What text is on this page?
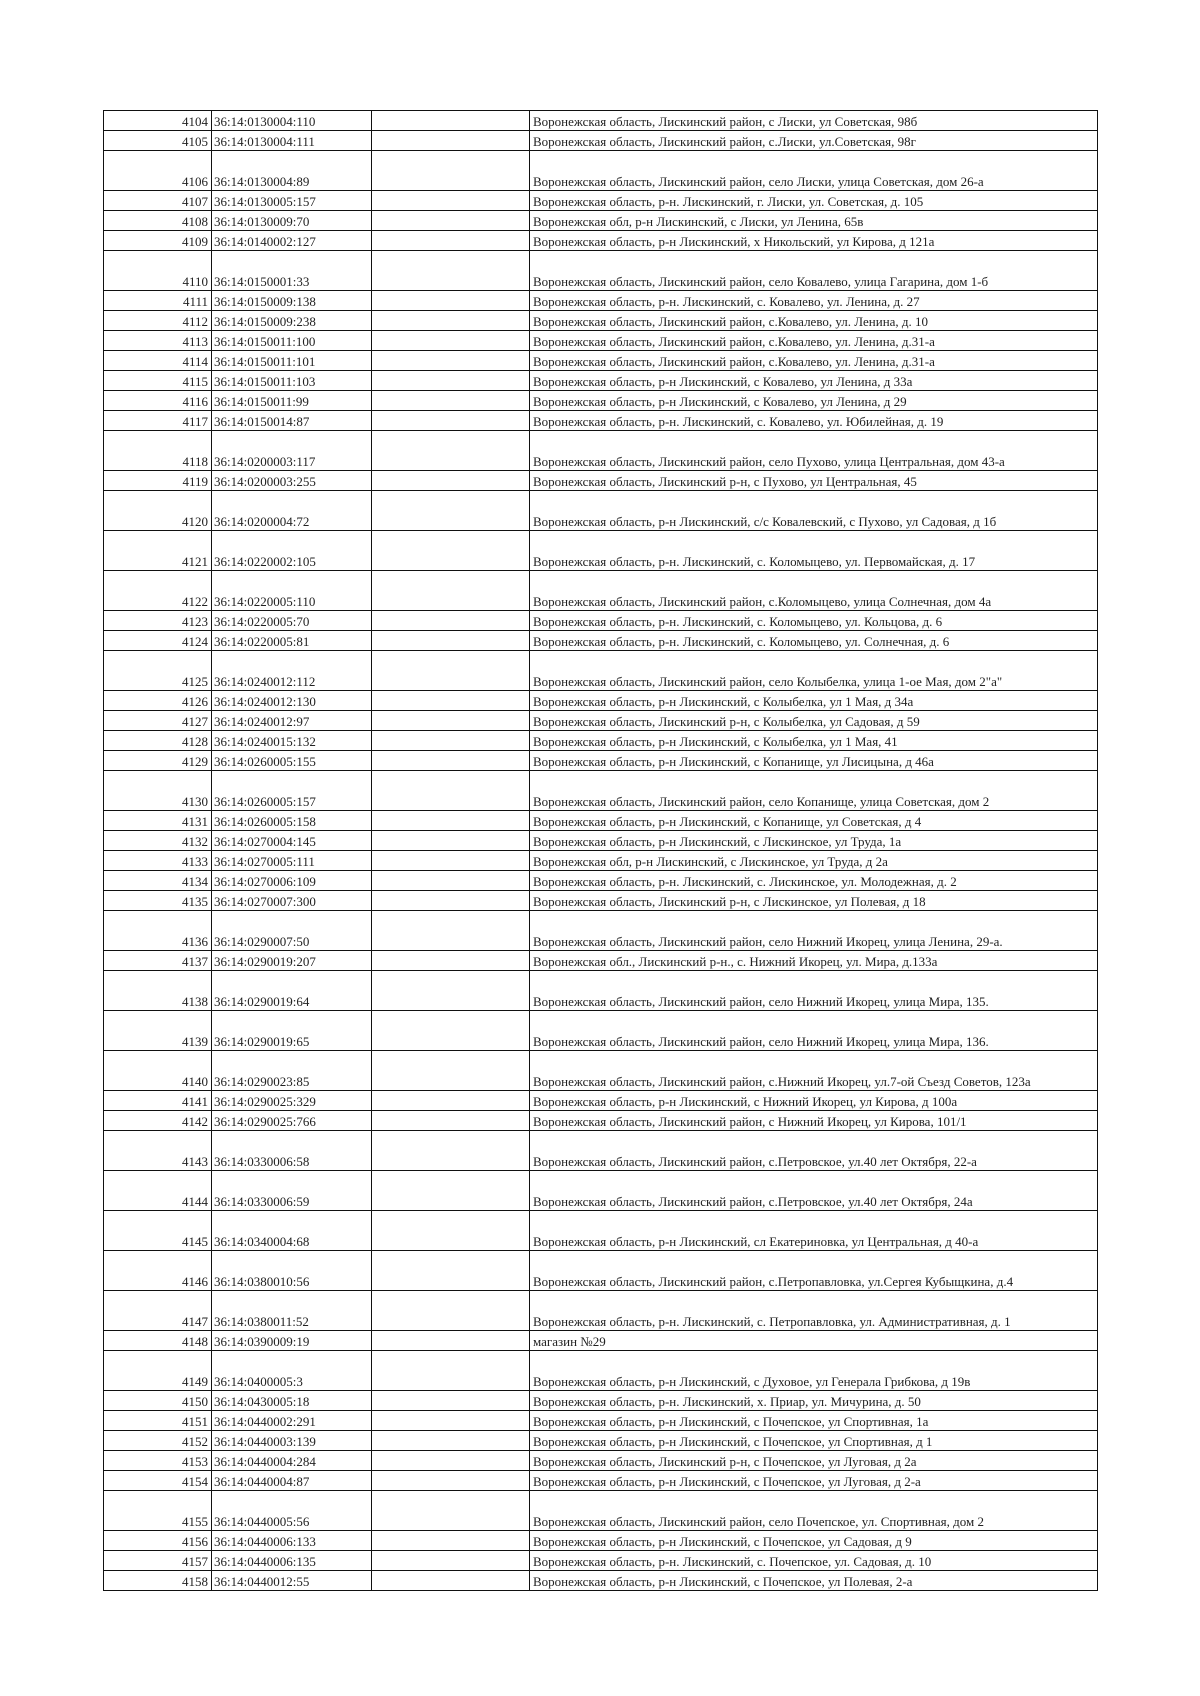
4104	36:14:0130004:110		Воронежская область, Лискинский район, с Лиски, ул Советская, 98б
4105	36:14:0130004:111		Воронежская область, Лискинский район, с.Лиски, ул.Советская, 98г
4106	36:14:0130004:89		Воронежская область, Лискинский район, село Лиски, улица Советская, дом 26-а
4107	36:14:0130005:157		Воронежская область, р-н. Лискинский, г. Лиски, ул. Советская, д. 105
4108	36:14:0130009:70		Воронежская обл, р-н Лискинский, с Лиски, ул Ленина, 65в
4109	36:14:0140002:127		Воронежская область, р-н Лискинский, х Никольский, ул Кирова, д 121а
4110	36:14:0150001:33		Воронежская область, Лискинский район, село Ковалево, улица Гагарина, дом 1-б
4111	36:14:0150009:138		Воронежская область, р-н. Лискинский, с. Ковалево, ул. Ленина, д. 27
4112	36:14:0150009:238		Воронежская область, Лискинский район, с.Ковалево, ул. Ленина, д. 10
4113	36:14:0150011:100		Воронежская область, Лискинский район, с.Ковалево, ул. Ленина, д.31-а
4114	36:14:0150011:101		Воронежская область, Лискинский район, с.Ковалево, ул. Ленина, д.31-а
4115	36:14:0150011:103		Воронежская область, р-н Лискинский, с Ковалево, ул Ленина, д 33а
4116	36:14:0150011:99		Воронежская область, р-н Лискинский, с Ковалево, ул Ленина, д 29
4117	36:14:0150014:87		Воронежская область, р-н. Лискинский, с. Ковалево, ул. Юбилейная, д. 19
4118	36:14:0200003:117		Воронежская область, Лискинский район, село Пухово, улица Центральная, дом 43-а
4119	36:14:0200003:255		Воронежская область, Лискинский р-н, с Пухово, ул Центральная, 45
4120	36:14:0200004:72		Воронежская область, р-н Лискинский, с/с Ковалевский, с Пухово, ул Садовая, д 1б
4121	36:14:0220002:105		Воронежская область, р-н. Лискинский, с. Коломыцево, ул. Первомайская, д. 17
4122	36:14:0220005:110		Воронежская область, Лискинский район, с.Коломыцево, улица Солнечная, дом 4а
4123	36:14:0220005:70		Воронежская область, р-н. Лискинский, с. Коломыцево, ул. Кольцова, д. 6
4124	36:14:0220005:81		Воронежская область, р-н. Лискинский, с. Коломыцево, ул. Солнечная, д. 6
4125	36:14:0240012:112		Воронежская область, Лискинский район, село Колыбелка, улица 1-ое Мая, дом 2"а"
4126	36:14:0240012:130		Воронежская область, р-н Лискинский, с Колыбелка, ул 1 Мая, д 34а
4127	36:14:0240012:97		Воронежская область, Лискинский р-н, с Колыбелка, ул Садовая, д 59
4128	36:14:0240015:132		Воронежская область, р-н Лискинский, с Колыбелка, ул 1 Мая, 41
4129	36:14:0260005:155		Воронежская область, р-н Лискинский, с Копанище, ул Лисицына, д 46а
4130	36:14:0260005:157		Воронежская область, Лискинский район, село Копанище, улица Советская, дом 2
4131	36:14:0260005:158		Воронежская область, р-н Лискинский, с Копанище, ул Советская, д 4
4132	36:14:0270004:145		Воронежская область, р-н Лискинский, с Лискинское, ул Труда, 1а
4133	36:14:0270005:111		Воронежская обл, р-н Лискинский, с Лискинское, ул Труда, д 2а
4134	36:14:0270006:109		Воронежская область, р-н. Лискинский, с. Лискинское, ул. Молодежная, д. 2
4135	36:14:0270007:300		Воронежская область, Лискинский р-н, с Лискинское, ул Полевая, д 18
4136	36:14:0290007:50		Воронежская область, Лискинский район, село Нижний Икорец, улица Ленина, 29-а.
4137	36:14:0290019:207		Воронежская обл., Лискинский р-н., с. Нижний Икорец, ул. Мира, д.133а
4138	36:14:0290019:64		Воронежская область, Лискинский район, село Нижний Икорец, улица Мира, 135.
4139	36:14:0290019:65		Воронежская область, Лискинский район, село Нижний Икорец, улица Мира, 136.
4140	36:14:0290023:85		Воронежская область, Лискинский район, с.Нижний Икорец, ул.7-ой Съезд Советов, 123а
4141	36:14:0290025:329		Воронежская область, р-н Лискинский, с Нижний Икорец, ул Кирова, д 100а
4142	36:14:0290025:766		Воронежская область, Лискинский район, с Нижний Икорец, ул Кирова, 101/1
4143	36:14:0330006:58		Воронежская область, Лискинский район, с.Петровское, ул.40 лет Октября, 22-а
4144	36:14:0330006:59		Воронежская область, Лискинский район, с.Петровское, ул.40 лет Октября, 24а
4145	36:14:0340004:68		Воронежская область, р-н Лискинский, сл Екатериновка, ул Центральная, д 40-а
4146	36:14:0380010:56		Воронежская область, Лискинский район, с.Петропавловка, ул.Сергея Кубыщкина, д.4
4147	36:14:0380011:52		Воронежская область, р-н. Лискинский, с. Петропавловка, ул. Административная, д. 1
4148	36:14:0390009:19		магазин №29
4149	36:14:0400005:3		Воронежская область, р-н Лискинский, с Духовое, ул Генерала Грибкова, д 19в
4150	36:14:0430005:18		Воронежская область, р-н. Лискинский, х. Приар, ул. Мичурина, д. 50
4151	36:14:0440002:291		Воронежская область, р-н Лискинский, с Почепское, ул Спортивная, 1а
4152	36:14:0440003:139		Воронежская область, р-н Лискинский, с Почепское, ул Спортивная, д 1
4153	36:14:0440004:284		Воронежская область, Лискинский р-н, с Почепское, ул Луговая, д 2а
4154	36:14:0440004:87		Воронежская область, р-н Лискинский, с Почепское, ул Луговая, д 2-а
4155	36:14:0440005:56		Воронежская область, Лискинский район, село Почепское, ул. Спортивная, дом 2
4156	36:14:0440006:133		Воронежская область, р-н Лискинский, с Почепское, ул Садовая, д 9
4157	36:14:0440006:135		Воронежская область, р-н. Лискинский, с. Почепское, ул. Садовая, д. 10
4158	36:14:0440012:55		Воронежская область, р-н Лискинский, с Почепское, ул Полевая, 2-а
